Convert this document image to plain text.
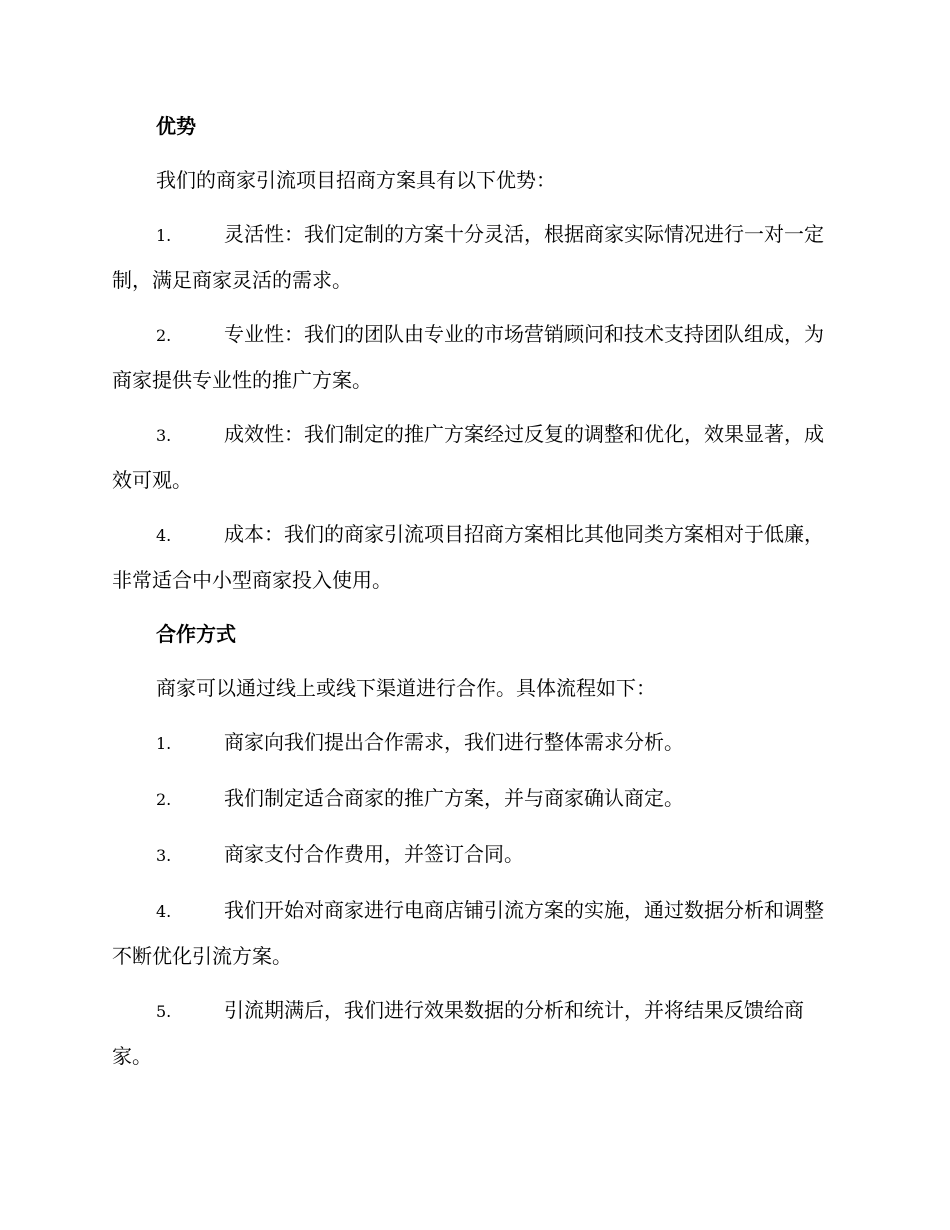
优势

我们的商家引流项目招商方案具有以下优势：

1.	灵活性：我们定制的方案十分灵活，根据商家实际情况进行一对一定制，满足商家灵活的需求。

2.	专业性：我们的团队由专业的市场营销顾问和技术支持团队组成，为商家提供专业性的推广方案。

3.	成效性：我们制定的推广方案经过反复的调整和优化，效果显著，成效可观。

4.	成本：我们的商家引流项目招商方案相比其他同类方案相对于低廉，非常适合中小型商家投入使用。

合作方式

商家可以通过线上或线下渠道进行合作。具体流程如下：

1.	商家向我们提出合作需求，我们进行整体需求分析。

2.	我们制定适合商家的推广方案，并与商家确认商定。

3.	商家支付合作费用，并签订合同。

4.	我们开始对商家进行电商店铺引流方案的实施，通过数据分析和调整不断优化引流方案。

5.	引流期满后，我们进行效果数据的分析和统计，并将结果反馈给商家。
